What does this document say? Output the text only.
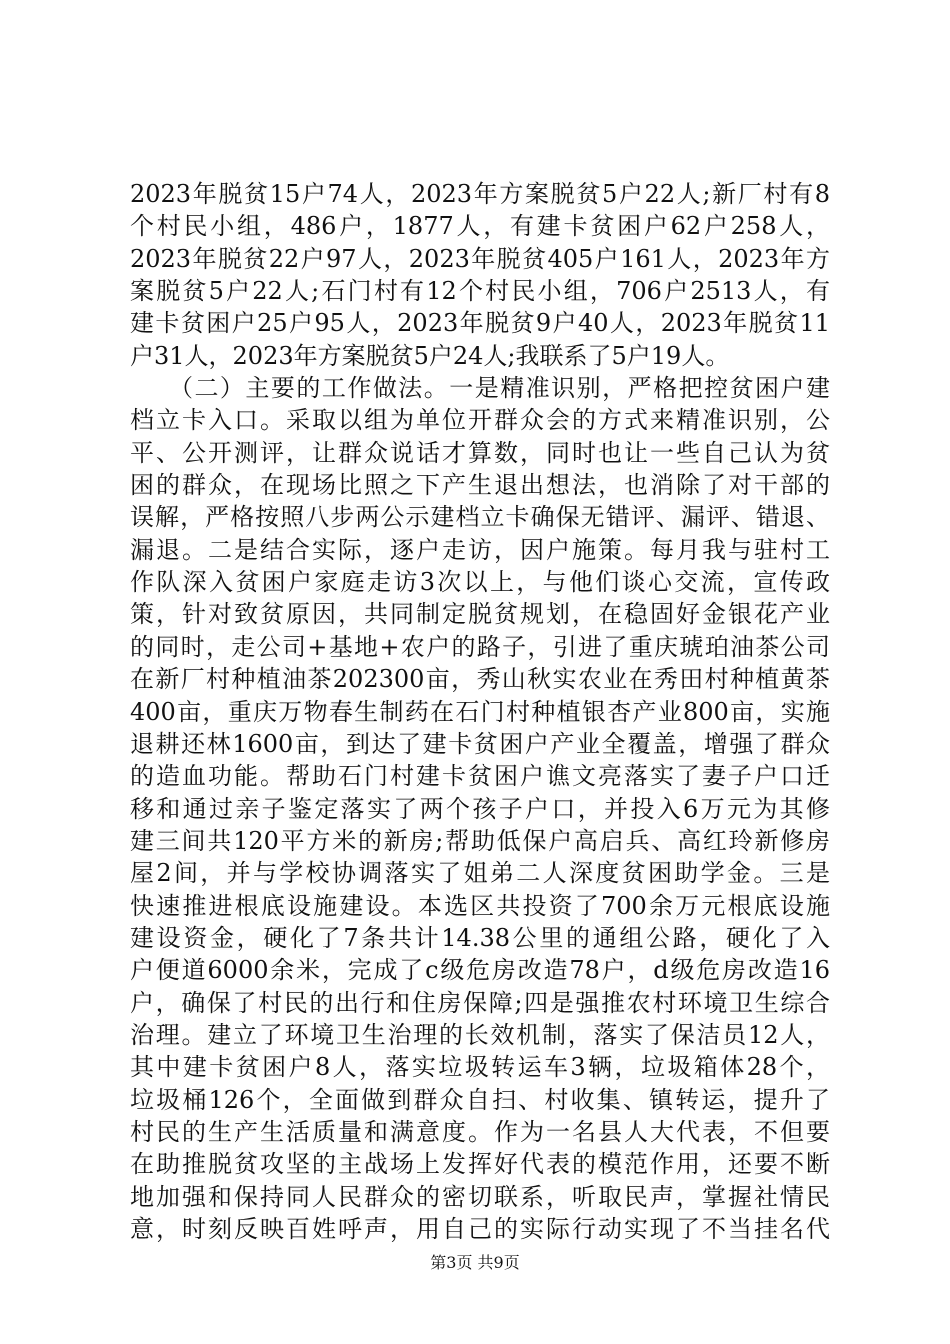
2023年脱贫15户74人，2023年方案脱贫5户22人;新厂村有8
个村民小组，486户，1877人，有建卡贫困户62户258人，
2023年脱贫22户97人，2023年脱贫405户161人，2023年方
案脱贫5户22人;石门村有12个村民小组，706户2513人，有
建卡贫困户25户95人，2023年脱贫9户40人，2023年脱贫11
户31人，2023年方案脱贫5户24人;我联系了5户19人。
　　（二）主要的工作做法。一是精准识别，严格把控贫困户建
档立卡入口。采取以组为单位开群众会的方式来精准识别，公
平、公开测评，让群众说话才算数，同时也让一些自己认为贫
困的群众，在现场比照之下产生退出想法，也消除了对干部的
误解，严格按照八步两公示建档立卡确保无错评、漏评、错退、
漏退。二是结合实际，逐户走访，因户施策。每月我与驻村工
作队深入贫困户家庭走访3次以上，与他们谈心交流，宣传政
策，针对致贫原因，共同制定脱贫规划，在稳固好金银花产业
的同时，走公司+基地+农户的路子，引进了重庆琥珀油茶公司
在新厂村种植油茶202300亩，秀山秋实农业在秀田村种植黄茶
400亩，重庆万物春生制药在石门村种植银杏产业800亩，实施
退耕还林1600亩，到达了建卡贫困户产业全覆盖，增强了群众
的造血功能。帮助石门村建卡贫困户谯文亮落实了妻子户口迁
移和通过亲子鉴定落实了两个孩子户口，并投入6万元为其修
建三间共120平方米的新房;帮助低保户高启兵、高红玲新修房
屋2间，并与学校协调落实了姐弟二人深度贫困助学金。三是
快速推进根底设施建设。本选区共投资了700余万元根底设施
建设资金，硬化了7条共计14.38公里的通组公路，硬化了入
户便道6000余米，完成了c级危房改造78户，d级危房改造16
户，确保了村民的出行和住房保障;四是强推农村环境卫生综合
治理。建立了环境卫生治理的长效机制，落实了保洁员12人，
其中建卡贫困户8人，落实垃圾转运车3辆，垃圾箱体28个，
垃圾桶126个，全面做到群众自扫、村收集、镇转运，提升了
村民的生产生活质量和满意度。作为一名县人大代表，不但要
在助推脱贫攻坚的主战场上发挥好代表的模范作用，还要不断
地加强和保持同人民群众的密切联系，听取民声，掌握社情民
意，时刻反映百姓呼声，用自己的实际行动实现了不当挂名代
第3页 共9页
